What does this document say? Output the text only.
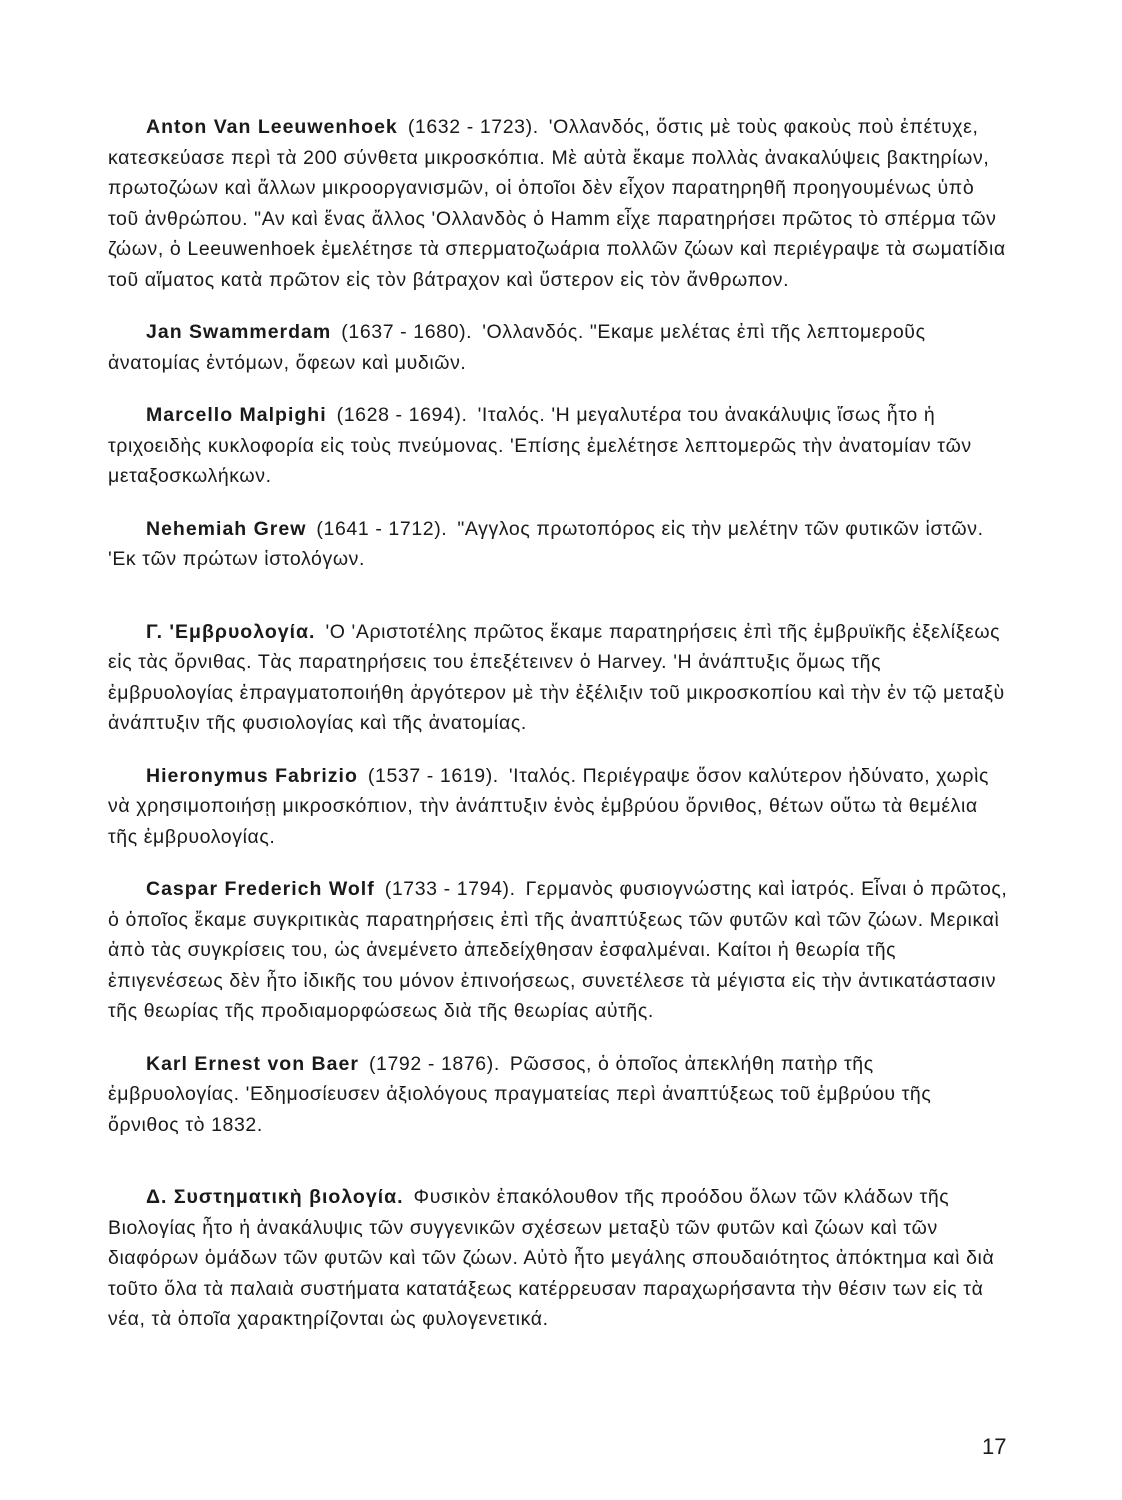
Anton Van Leeuwenhoek (1632 - 1723). 'Ολλανδός, ὅστις μὲ τοὺς φακοὺς ποὺ ἐπέτυχε, κατεσκεύασε περὶ τὰ 200 σύνθετα μικροσκόπια. Μὲ αὐτὰ ἔκαμε πολλὰς ἀνακαλύψεις βακτηρίων, πρωτοζώων καὶ ἄλλων μικροοργανισμῶν, οἱ ὁποῖοι δὲν εἶχον παρατηρηθῆ προηγουμένως ὑπὸ τοῦ ἀνθρώπου. "Αν καὶ ἕνας ἄλλος 'Ολλανδὸς ὁ Hamm εἶχε παρατηρήσει πρῶτος τὸ σπέρμα τῶν ζώων, ὁ Leeuwenhoek ἐμελέτησε τὰ σπερματοζωάρια πολλῶν ζώων καὶ περιέγραψε τὰ σωματίδια τοῦ αἵματος κατὰ πρῶτον εἰς τὸν βάτραχον καὶ ὕστερον εἰς τὸν ἄνθρωπον.

Jan Swammerdam (1637 - 1680). 'Ολλανδός. "Εκαμε μελέτας ἐπὶ τῆς λεπτομεροῦς ἀνατομίας ἐντόμων, ὄφεων καὶ μυδιῶν.

Marcello Malpighi (1628 - 1694). 'Ιταλός. 'Η μεγαλυτέρα του ἀνακάλυψις ἴσως ἦτο ἡ τριχοειδὴς κυκλοφορία εἰς τοὺς πνεύμονας. 'Επίσης ἐμελέτησε λεπτομερῶς τὴν ἀνατομίαν τῶν μεταξοσκωλήκων.

Nehemiah Grew (1641 - 1712). "Αγγλος πρωτοπόρος εἰς τὴν μελέτην τῶν φυτικῶν ἱστῶν. 'Εκ τῶν πρώτων ἱστολόγων.

Γ. 'Εμβρυολογία. 'Ο 'Αριστοτέλης πρῶτος ἔκαμε παρατηρήσεις ἐπὶ τῆς ἐμβρυϊκῆς ἐξελίξεως εἰς τὰς ὄρνιθας. Τὰς παρατηρήσεις του ἐπεξέτεινεν ὁ Harvey. 'Η ἀνάπτυξις ὅμως τῆς ἐμβρυολογίας ἐπραγματοποιήθη ἀργότερον μὲ τὴν ἐξέλιξιν τοῦ μικροσκοπίου καὶ τὴν ἐν τῷ μεταξὺ ἀνάπτυξιν τῆς φυσιολογίας καὶ τῆς ἀνατομίας.

Hieronymus Fabrizio (1537 - 1619). 'Ιταλός. Περιέγραψε ὅσον καλύτερον ἠδύνατο, χωρὶς νὰ χρησιμοποιήσῃ μικροσκόπιον, τὴν ἀνάπτυξιν ἑνὸς ἐμβρύου ὄρνιθος, θέτων οὕτω τὰ θεμέλια τῆς ἐμβρυολογίας.

Caspar Frederich Wolf (1733 - 1794). Γερμανὸς φυσιογνώστης καὶ ἰατρός. Εἶναι ὁ πρῶτος, ὁ ὁποῖος ἔκαμε συγκριτικὰς παρατηρήσεις ἐπὶ τῆς ἀναπτύξεως τῶν φυτῶν καὶ τῶν ζώων. Μερικαὶ ἀπὸ τὰς συγκρίσεις του, ὡς ἀνεμένετο ἀπεδείχθησαν ἐσφαλμέναι. Καίτοι ἡ θεωρία τῆς ἐπιγενέσεως δὲν ἦτο ἰδικῆς του μόνον ἐπινοήσεως, συνετέλεσε τὰ μέγιστα εἰς τὴν ἀντικατάστασιν τῆς θεωρίας τῆς προδιαμορφώσεως διὰ τῆς θεωρίας αὐτῆς.

Karl Ernest von Baer (1792 - 1876). Ρῶσσος, ὁ ὁποῖος ἀπεκλήθη πατὴρ τῆς ἐμβρυολογίας. 'Εδημοσίευσεν ἀξιολόγους πραγματείας περὶ ἀναπτύξεως τοῦ ἐμβρύου τῆς ὄρνιθος τὸ 1832.

Δ. Συστηματικὴ βιολογία. Φυσικὸν ἐπακόλουθον τῆς προόδου ὅλων τῶν κλάδων τῆς Βιολογίας ἦτο ἡ ἀνακάλυψις τῶν συγγενικῶν σχέσεων μεταξὺ τῶν φυτῶν καὶ ζώων καὶ τῶν διαφόρων ὁμάδων τῶν φυτῶν καὶ τῶν ζώων. Αὐτὸ ἦτο μεγάλης σπουδαιότητος ἀπόκτημα καὶ διὰ τοῦτο ὅλα τὰ παλαιὰ συστήματα κατατάξεως κατέρρευσαν παραχωρήσαντα τὴν θέσιν των εἰς τὰ νέα, τὰ ὁποῖα χαρακτηρίζονται ὡς φυλογενετικά.

17
